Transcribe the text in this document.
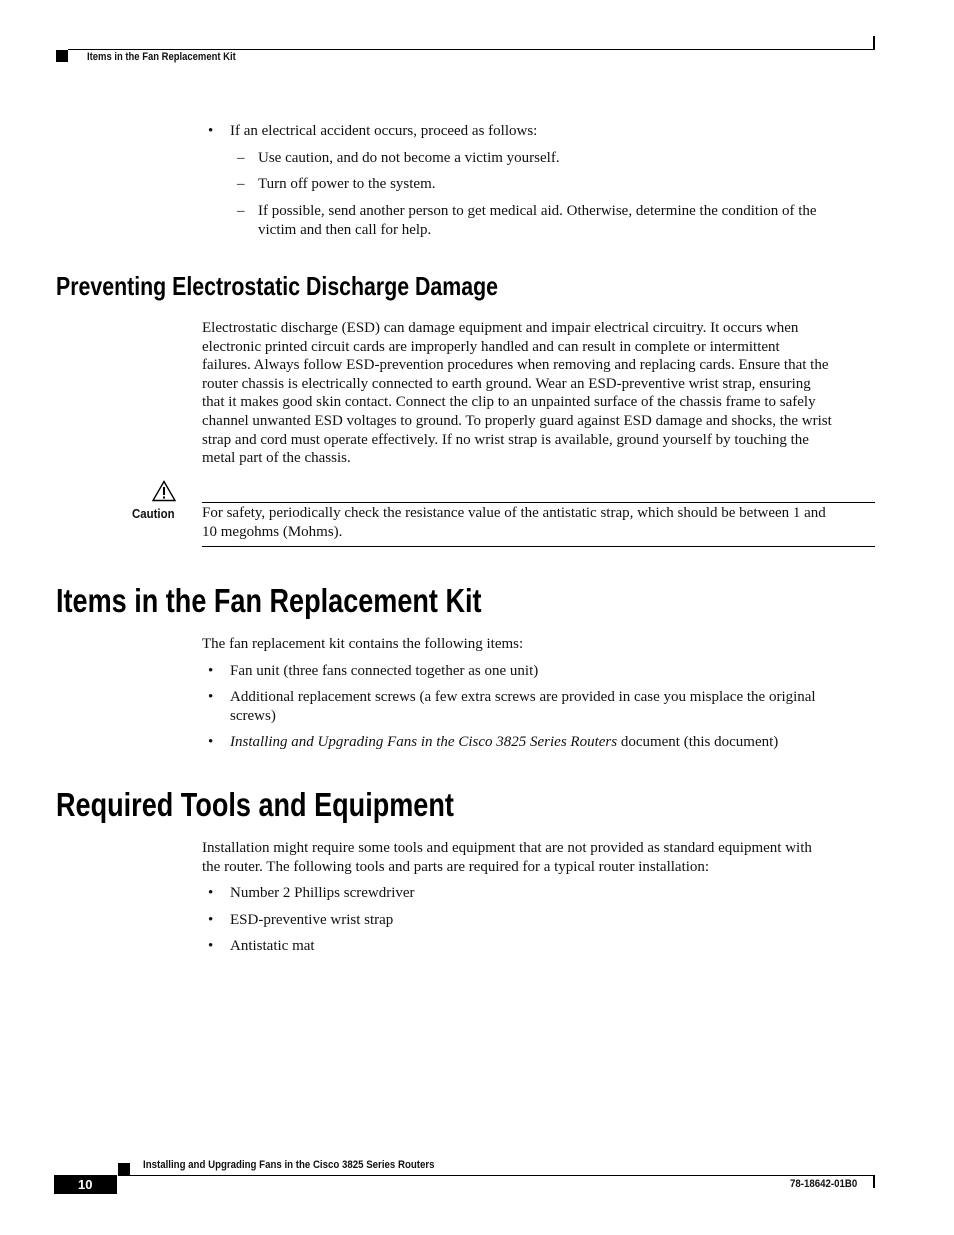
Items in the Fan Replacement Kit
• If an electrical accident occurs, proceed as follows:
– Use caution, and do not become a victim yourself.
– Turn off power to the system.
– If possible, send another person to get medical aid. Otherwise, determine the condition of the
victim and then call for help.
Preventing Electrostatic Discharge Damage
Electrostatic discharge (ESD) can damage equipment and impair electrical circuitry. It occurs when
electronic printed circuit cards are improperly handled and can result in complete or intermittent
failures. Always follow ESD-prevention procedures when removing and replacing cards. Ensure that the
router chassis is electrically connected to earth ground. Wear an ESD-preventive wrist strap, ensuring
that it makes good skin contact. Connect the clip to an unpainted surface of the chassis frame to safely
channel unwanted ESD voltages to ground. To properly guard against ESD damage and shocks, the wrist
strap and cord must operate effectively. If no wrist strap is available, ground yourself by touching the
metal part of the chassis.
Caution For safety, periodically check the resistance value of the antistatic strap, which should be between 1 and
10 megohms (Mohms).
Items in the Fan Replacement Kit
The fan replacement kit contains the following items:
• Fan unit (three fans connected together as one unit)
• Additional replacement screws (a few extra screws are provided in case you misplace the original
screws)
• Installing and Upgrading Fans in the Cisco 3825 Series Routers document (this document)
Required Tools and Equipment
Installation might require some tools and equipment that are not provided as standard equipment with
the router. The following tools and parts are required for a typical router installation:
• Number 2 Phillips screwdriver
• ESD-preventive wrist strap
• Antistatic mat
Installing and Upgrading Fans in the Cisco 3825 Series Routers
10	78-18642-01B0
